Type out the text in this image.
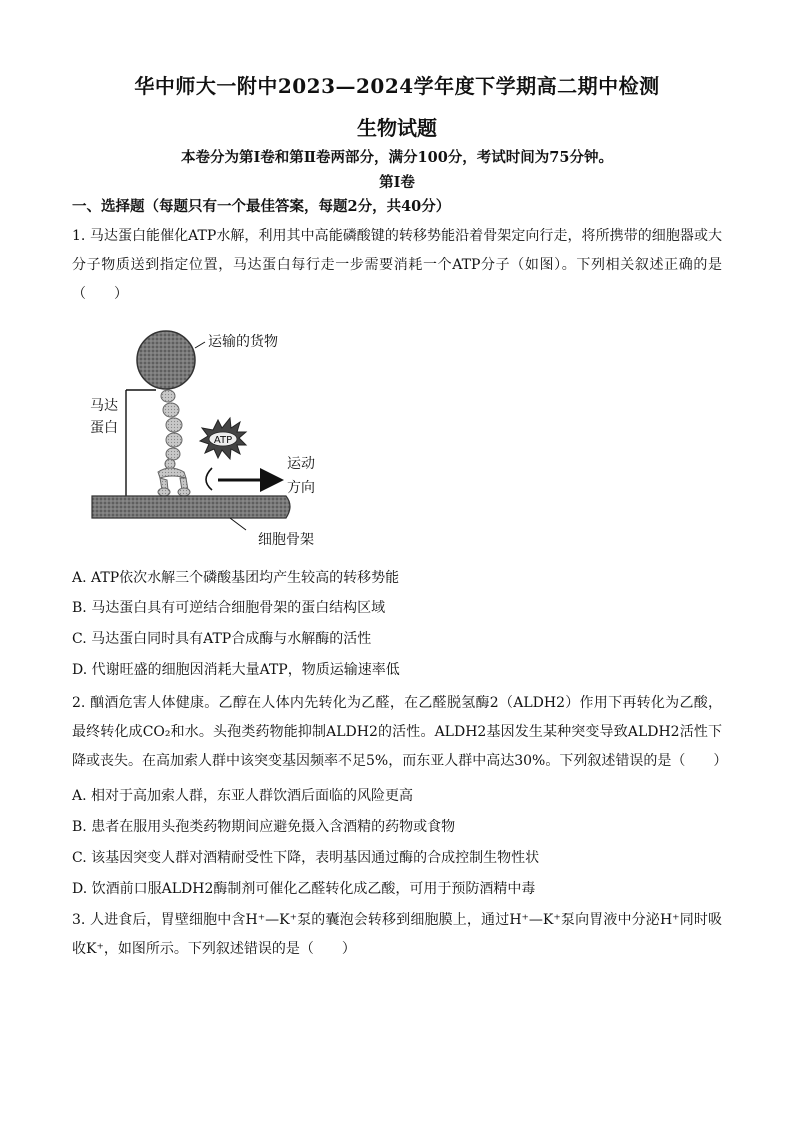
华中师大一附中2023—2024学年度下学期高二期中检测
生物试题
本卷分为第Ⅰ卷和第Ⅱ卷两部分，满分100分，考试时间为75分钟。
第Ⅰ卷
一、选择题（每题只有一个最佳答案，每题2分，共40分）
1. 马达蛋白能催化ATP水解，利用其中高能磷酸键的转移势能沿着骨架定向行走，将所携带的细胞器或大分子物质送到指定位置，马达蛋白每行走一步需要消耗一个ATP分子（如图）。下列相关叙述正确的是（　　）
运输的货物
ATP
运动
方向
马达
蛋白
细胞骨架
A. ATP依次水解三个磷酸基团均产生较高的转移势能
B. 马达蛋白具有可逆结合细胞骨架的蛋白结构区域
C. 马达蛋白同时具有ATP合成酶与水解酶的活性
D. 代谢旺盛的细胞因消耗大量ATP，物质运输速率低
2. 酗酒危害人体健康。乙醇在人体内先转化为乙醛，在乙醛脱氢酶2（ALDH2）作用下再转化为乙酸，最终转化成CO₂和水。头孢类药物能抑制ALDH2的活性。ALDH2基因发生某种突变导致ALDH2活性下降或丧失。在高加索人群中该突变基因频率不足5%，而东亚人群中高达30%。下列叙述错误的是（　　）
A. 相对于高加索人群，东亚人群饮酒后面临的风险更高
B. 患者在服用头孢类药物期间应避免摄入含酒精的药物或食物
C. 该基因突变人群对酒精耐受性下降，表明基因通过酶的合成控制生物性状
D. 饮酒前口服ALDH2酶制剂可催化乙醛转化成乙酸，可用于预防酒精中毒
3. 人进食后，胃壁细胞中含H⁺—K⁺泵的囊泡会转移到细胞膜上，通过H⁺—K⁺泵向胃液中分泌H⁺同时吸收K⁺，如图所示。下列叙述错误的是（　　）
